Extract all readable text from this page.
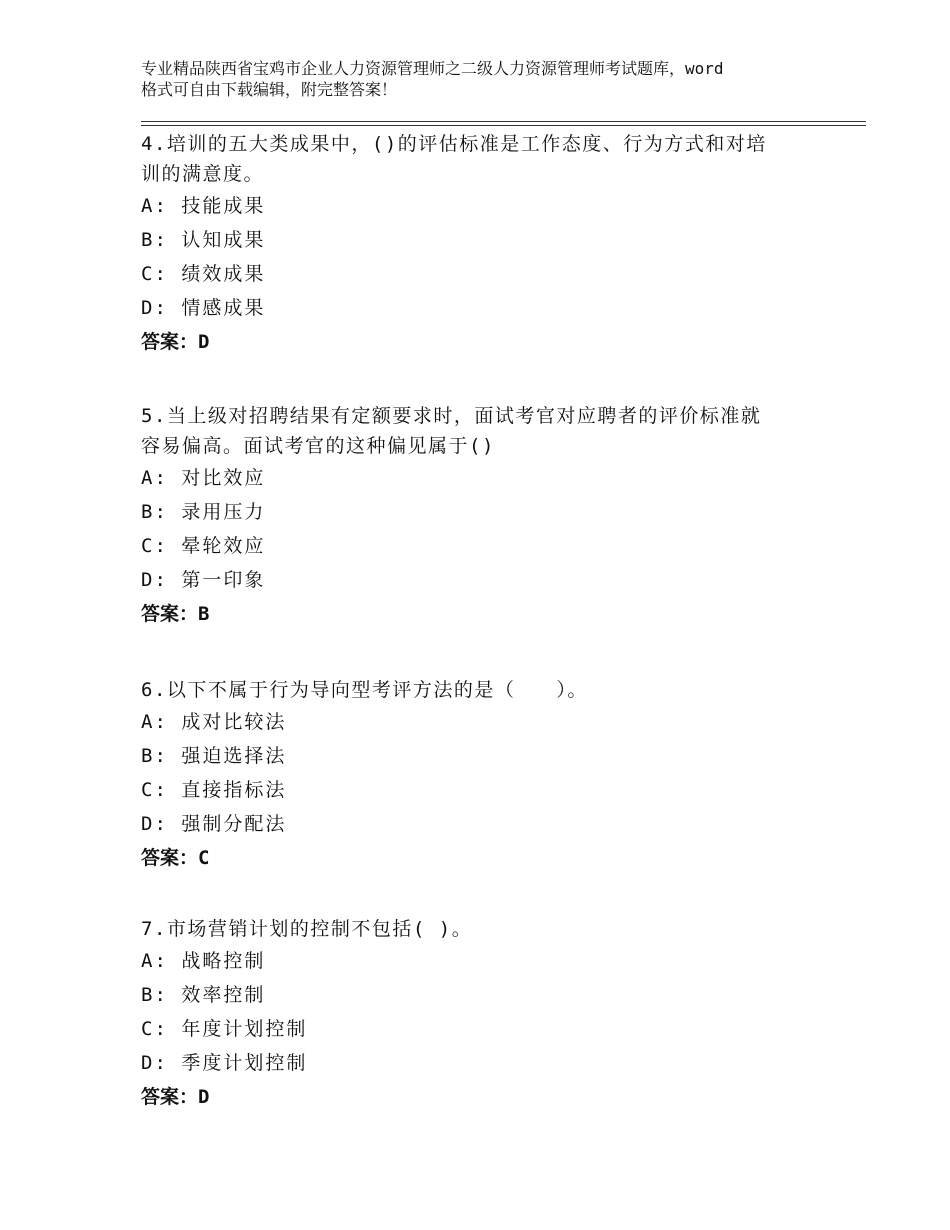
专业精品陕西省宝鸡市企业人力资源管理师之二级人力资源管理师考试题库，word
格式可自由下载编辑，附完整答案！

4.培训的五大类成果中，()的评估标准是工作态度、行为方式和对培

训的满意度。

A: 技能成果

B: 认知成果

C: 绩效成果

D: 情感成果

答案：D

5.当上级对招聘结果有定额要求时，面试考官对应聘者的评价标准就

容易偏高。面试考官的这种偏见属于()

A: 对比效应

B: 录用压力

C: 晕轮效应

D: 第一印象

答案：B

6.以下不属于行为导向型考评方法的是（　　）。

A: 成对比较法

B: 强迫选择法

C: 直接指标法

D: 强制分配法

答案：C

7.市场营销计划的控制不包括( )。

A: 战略控制

B: 效率控制

C: 年度计划控制

D: 季度计划控制

答案：D
